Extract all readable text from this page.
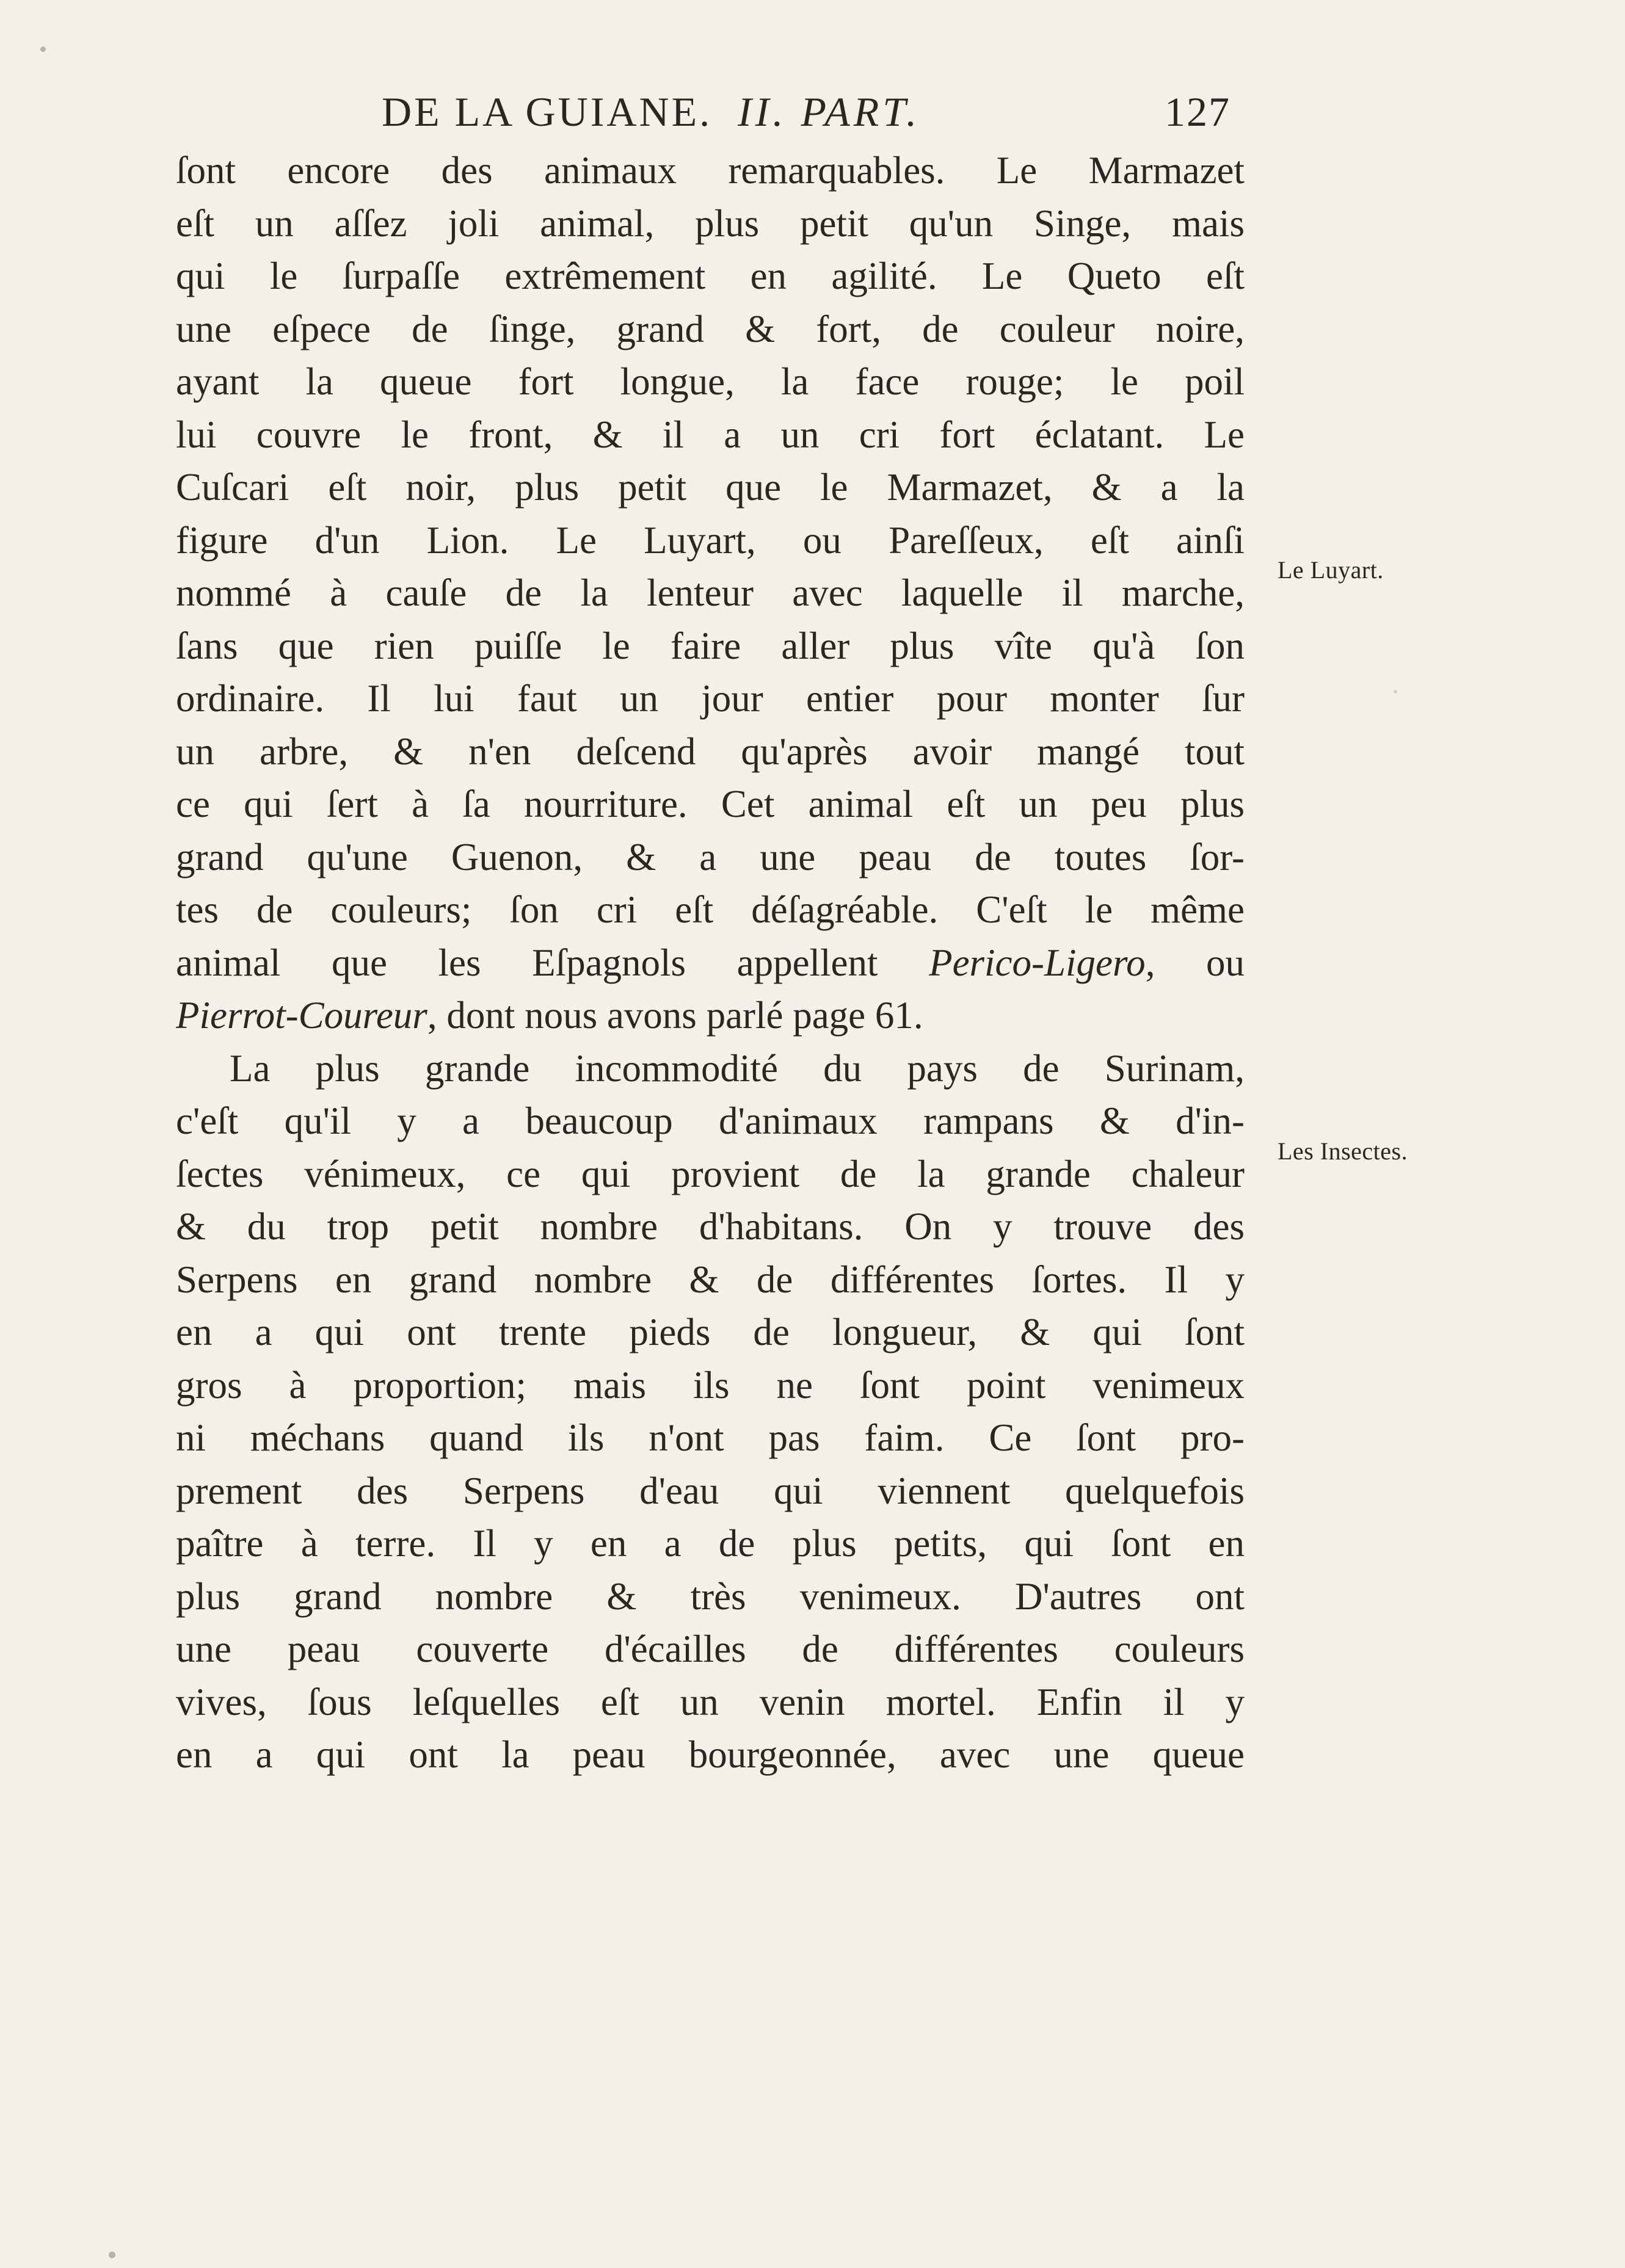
DE LA GUIANE. II. PART.	127
ſont encore des animaux remarquables. Le Marmazet
eſt un aſſez joli animal, plus petit qu'un Singe, mais
qui le ſurpaſſe extrêmement en agilité. Le Queto eſt
une eſpece de ſinge, grand & fort, de couleur noire,
ayant la queue fort longue, la face rouge; le poil
lui couvre le front, & il a un cri fort éclatant. Le
Cuſcari eſt noir, plus petit que le Marmazet, & a la
figure d'un Lion. Le Luyart, ou Pareſſeux, eſt ainſi
nommé à cauſe de la lenteur avec laquelle il marche,
ſans que rien puiſſe le faire aller plus vîte qu'à ſon
ordinaire. Il lui faut un jour entier pour monter ſur
un arbre, & n'en deſcend qu'après avoir mangé tout
ce qui ſert à ſa nourriture. Cet animal eſt un peu plus
grand qu'une Guenon, & a une peau de toutes ſor-
tes de couleurs; ſon cri eſt déſagréable. C'eſt le même
animal que les Eſpagnols appellent Perico-Ligero, ou
Pierrot-Coureur, dont nous avons parlé page 61.
La plus grande incommodité du pays de Surinam,
c'eſt qu'il y a beaucoup d'animaux rampans & d'in-
ſectes vénimeux, ce qui provient de la grande chaleur
& du trop petit nombre d'habitans. On y trouve des
Serpens en grand nombre & de différentes ſortes. Il y
en a qui ont trente pieds de longueur, & qui ſont
gros à proportion; mais ils ne ſont point venimeux
ni méchans quand ils n'ont pas faim. Ce ſont pro-
prement des Serpens d'eau qui viennent quelquefois
paître à terre. Il y en a de plus petits, qui ſont en
plus grand nombre & très venimeux. D'autres ont
une peau couverte d'écailles de différentes couleurs
vives, ſous leſquelles eſt un venin mortel. Enfin il y
en a qui ont la peau bourgeonnée, avec une queue
Le Luyart.
Les Insectes.
